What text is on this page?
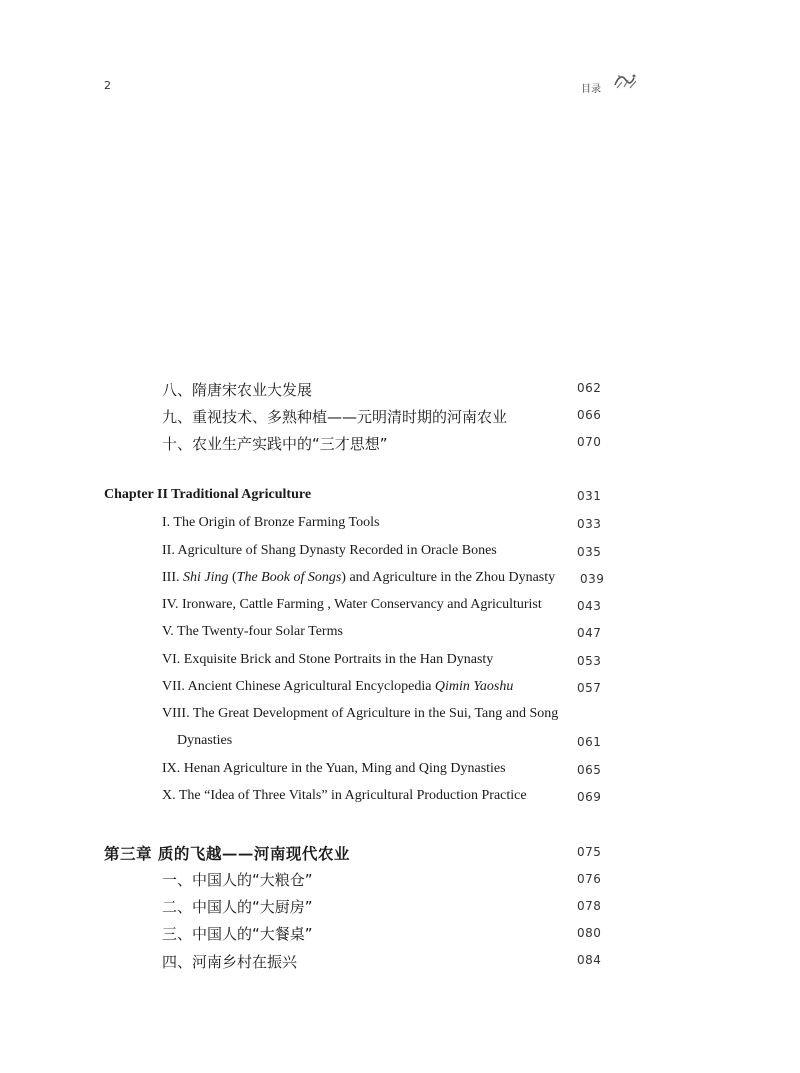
2	目录
八、隋唐宋农业大发展	062
九、重视技术、多熟种植——元明清时期的河南农业	066
十、农业生产实践中的“三才思想”	070
Chapter II Traditional Agriculture	031
I. The Origin of Bronze Farming Tools	033
II. Agriculture of Shang Dynasty Recorded in Oracle Bones	035
III. Shi Jing (The Book of Songs) and Agriculture in the Zhou Dynasty 039
IV. Ironware, Cattle Farming , Water Conservancy and Agriculturist	043
V. The Twenty-four Solar Terms	047
VI. Exquisite Brick and Stone Portraits in the Han Dynasty	053
VII. Ancient Chinese Agricultural Encyclopedia Qimin Yaoshu	057
VIII. The Great Development of Agriculture in the Sui, Tang and Song
Dynasties	061
IX. Henan Agriculture in the Yuan, Ming and Qing Dynasties	065
X. The “Idea of Three Vitals” in Agricultural Production Practice	069
第三章 质的飞越——河南现代农业	075
一、中国人的“大粮仓”	076
二、中国人的“大厨房”	078
三、中国人的“大餐桌”	080
四、河南乡村在振兴	084
